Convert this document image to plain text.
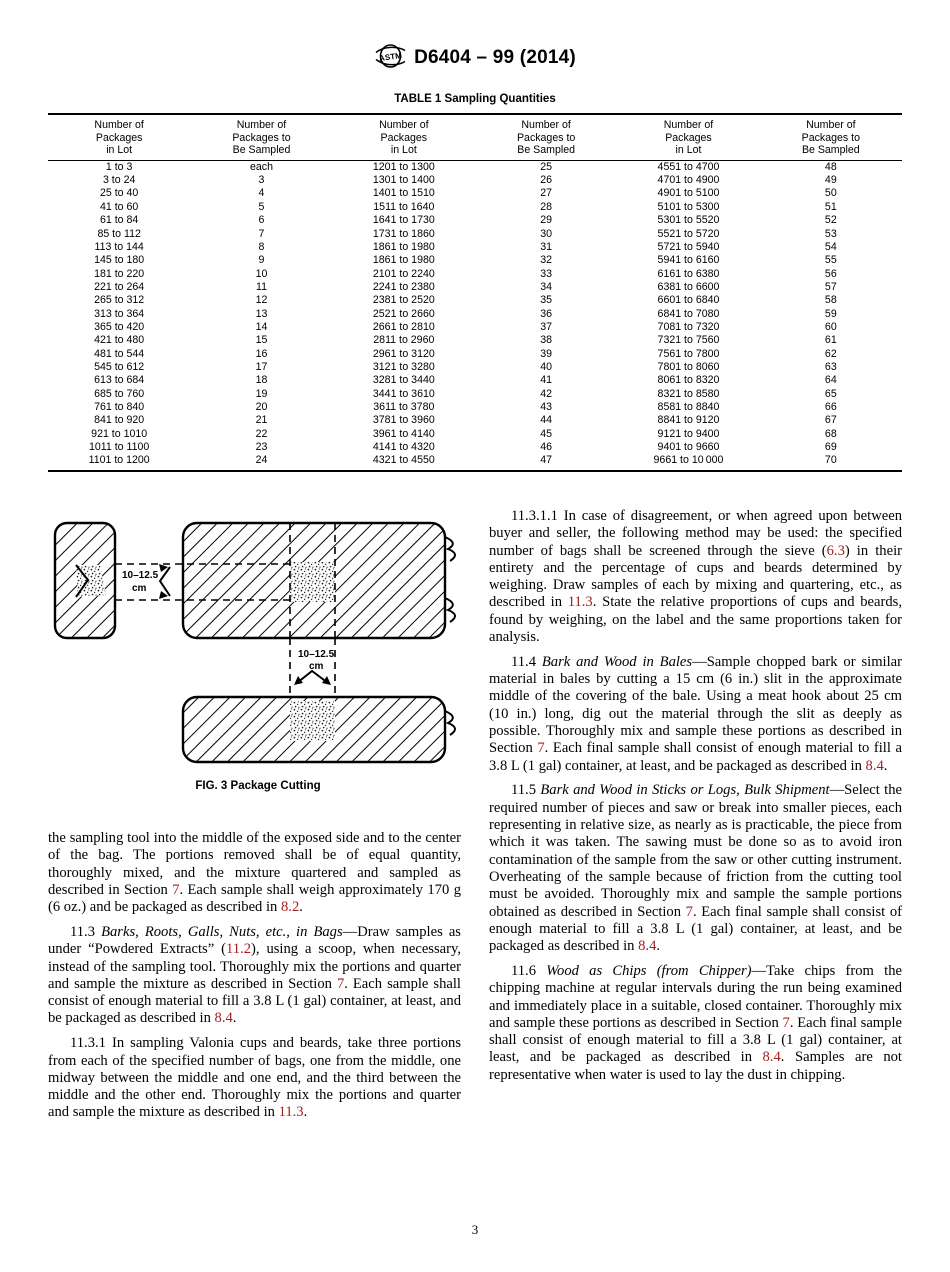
ASTM D6404 – 99 (2014)
TABLE 1 Sampling Quantities
Number of
Packages
in Lot

Number of
Packages to
Be Sampled

Number of
Packages
in Lot

Number of
Packages to
Be Sampled

Number of
Packages
in Lot

Number of
Packages to
Be Sampled

1 to 3	each	1201 to 1300	25	4551 to 4700	48
3 to 24	3	1301 to 1400	26	4701 to 4900	49
25 to 40	4	1401 to 1510	27	4901 to 5100	50
41 to 60	5	1511 to 1640	28	5101 to 5300	51
61 to 84	6	1641 to 1730	29	5301 to 5520	52
85 to 112	7	1731 to 1860	30	5521 to 5720	53
113 to 144	8	1861 to 1980	31	5721 to 5940	54
145 to 180	9	1861 to 1980	32	5941 to 6160	55
181 to 220	10	2101 to 2240	33	6161 to 6380	56
221 to 264	11	2241 to 2380	34	6381 to 6600	57
265 to 312	12	2381 to 2520	35	6601 to 6840	58
313 to 364	13	2521 to 2660	36	6841 to 7080	59
365 to 420	14	2661 to 2810	37	7081 to 7320	60
421 to 480	15	2811 to 2960	38	7321 to 7560	61
481 to 544	16	2961 to 3120	39	7561 to 7800	62
545 to 612	17	3121 to 3280	40	7801 to 8060	63
613 to 684	18	3281 to 3440	41	8061 to 8320	64
685 to 760	19	3441 to 3610	42	8321 to 8580	65
761 to 840	20	3611 to 3780	43	8581 to 8840	66
841 to 920	21	3781 to 3960	44	8841 to 9120	67
921 to 1010	22	3961 to 4140	45	9121 to 9400	68
1011 to 1100	23	4141 to 4320	46	9401 to 9660	69
1101 to 1200	24	4321 to 4550	47	9661 to 10 000	70
10–12.5
cm
10–12.5
cm
FIG. 3 Package Cutting

the sampling tool into the middle of the exposed side and to the center of the bag. The portions removed shall be of equal quantity, thoroughly mixed, and the mixture quartered and sampled as described in Section 7. Each sample shall weigh approximately 170 g (6 oz.) and be packaged as described in 8.2.

11.3 Barks, Roots, Galls, Nuts, etc., in Bags—Draw samples as under “Powdered Extracts” (11.2), using a scoop, when necessary, instead of the sampling tool. Thoroughly mix the portions and quarter and sample the mixture as described in Section 7. Each sample shall consist of enough material to fill a 3.8 L (1 gal) container, at least, and be packaged as described in 8.4.

11.3.1 In sampling Valonia cups and beards, take three portions from each of the specified number of bags, one from the middle, one midway between the middle and one end, and the third between the middle and the other end. Thoroughly mix the portions and quarter and sample the mixture as described in 11.3.

11.3.1.1 In case of disagreement, or when agreed upon between buyer and seller, the following method may be used: the specified number of bags shall be screened through the sieve (6.3) in their entirety and the percentage of cups and beards determined by weighing. Draw samples of each by mixing and quartering, etc., as described in 11.3. State the relative proportions of cups and beards, found by weighing, on the label and the same proportions taken for analysis.

11.4 Bark and Wood in Bales—Sample chopped bark or similar material in bales by cutting a 15 cm (6 in.) slit in the approximate middle of the covering of the bale. Using a meat hook about 25 cm (10 in.) long, dig out the material through the slit as deeply as possible. Thoroughly mix and sample these portions as described in Section 7. Each final sample shall consist of enough material to fill a 3.8 L (1 gal) container, at least, and be packaged as described in 8.4.

11.5 Bark and Wood in Sticks or Logs, Bulk Shipment—Select the required number of pieces and saw or break into smaller pieces, each representing in relative size, as nearly as is practicable, the piece from which it was taken. The sawing must be done so as to avoid iron contamination of the sample from the saw or other cutting instrument. Overheating of the sample because of friction from the cutting tool must be avoided. Thoroughly mix and sample the sample portions obtained as described in Section 7. Each final sample shall consist of enough material to fill a 3.8 L (1 gal) container, at least, and be packaged as described in 8.4.

11.6 Wood as Chips (from Chipper)—Take chips from the chipping machine at regular intervals during the run being examined and immediately place in a suitable, closed container. Thoroughly mix and sample these portions as described in Section 7. Each final sample shall consist of enough material to fill a 3.8 L (1 gal) container, at least, and be packaged as described in 8.4. Samples are not representative when water is used to lay the dust in chipping.

3
